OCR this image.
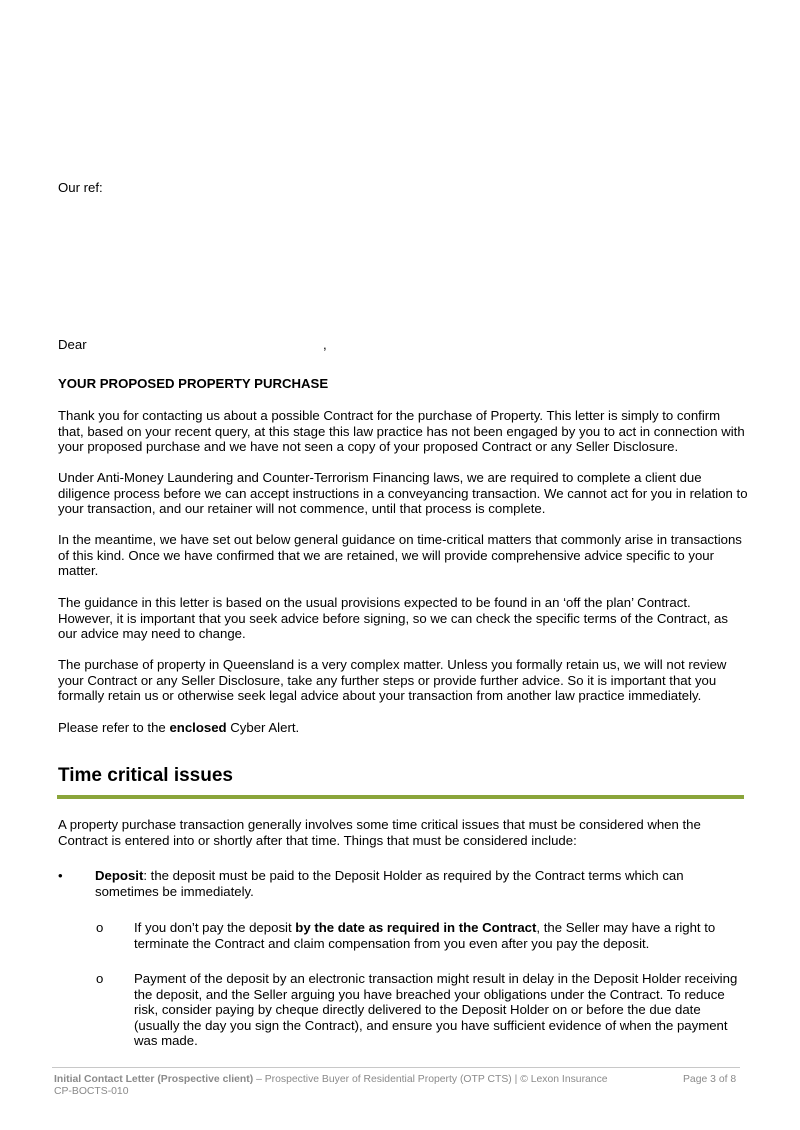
Our ref:
Dear	,
YOUR PROPOSED PROPERTY PURCHASE
Thank you for contacting us about a possible Contract for the purchase of Property. This letter is simply to confirm that, based on your recent query, at this stage this law practice has not been engaged by you to act in connection with your proposed purchase and we have not seen a copy of your proposed Contract or any Seller Disclosure.
Under Anti-Money Laundering and Counter-Terrorism Financing laws, we are required to complete a client due diligence process before we can accept instructions in a conveyancing transaction. We cannot act for you in relation to your transaction, and our retainer will not commence, until that process is complete.
In the meantime, we have set out below general guidance on time-critical matters that commonly arise in transactions of this kind. Once we have confirmed that we are retained, we will provide comprehensive advice specific to your matter.
The guidance in this letter is based on the usual provisions expected to be found in an ‘off the plan’ Contract. However, it is important that you seek advice before signing, so we can check the specific terms of the Contract, as our advice may need to change.
The purchase of property in Queensland is a very complex matter. Unless you formally retain us, we will not review your Contract or any Seller Disclosure, take any further steps or provide further advice. So it is important that you formally retain us or otherwise seek legal advice about your transaction from another law practice immediately.
Please refer to the enclosed Cyber Alert.
Time critical issues
A property purchase transaction generally involves some time critical issues that must be considered when the Contract is entered into or shortly after that time. Things that must be considered include:
• Deposit: the deposit must be paid to the Deposit Holder as required by the Contract terms which can sometimes be immediately.
o If you don’t pay the deposit by the date as required in the Contract, the Seller may have a right to terminate the Contract and claim compensation from you even after you pay the deposit.
o Payment of the deposit by an electronic transaction might result in delay in the Deposit Holder receiving the deposit, and the Seller arguing you have breached your obligations under the Contract. To reduce risk, consider paying by cheque directly delivered to the Deposit Holder on or before the due date (usually the day you sign the Contract), and ensure you have sufficient evidence of when the payment was made.
Initial Contact Letter (Prospective client) – Prospective Buyer of Residential Property (OTP CTS) | © Lexon Insurance	Page 3 of 8
CP-BOCTS-010
